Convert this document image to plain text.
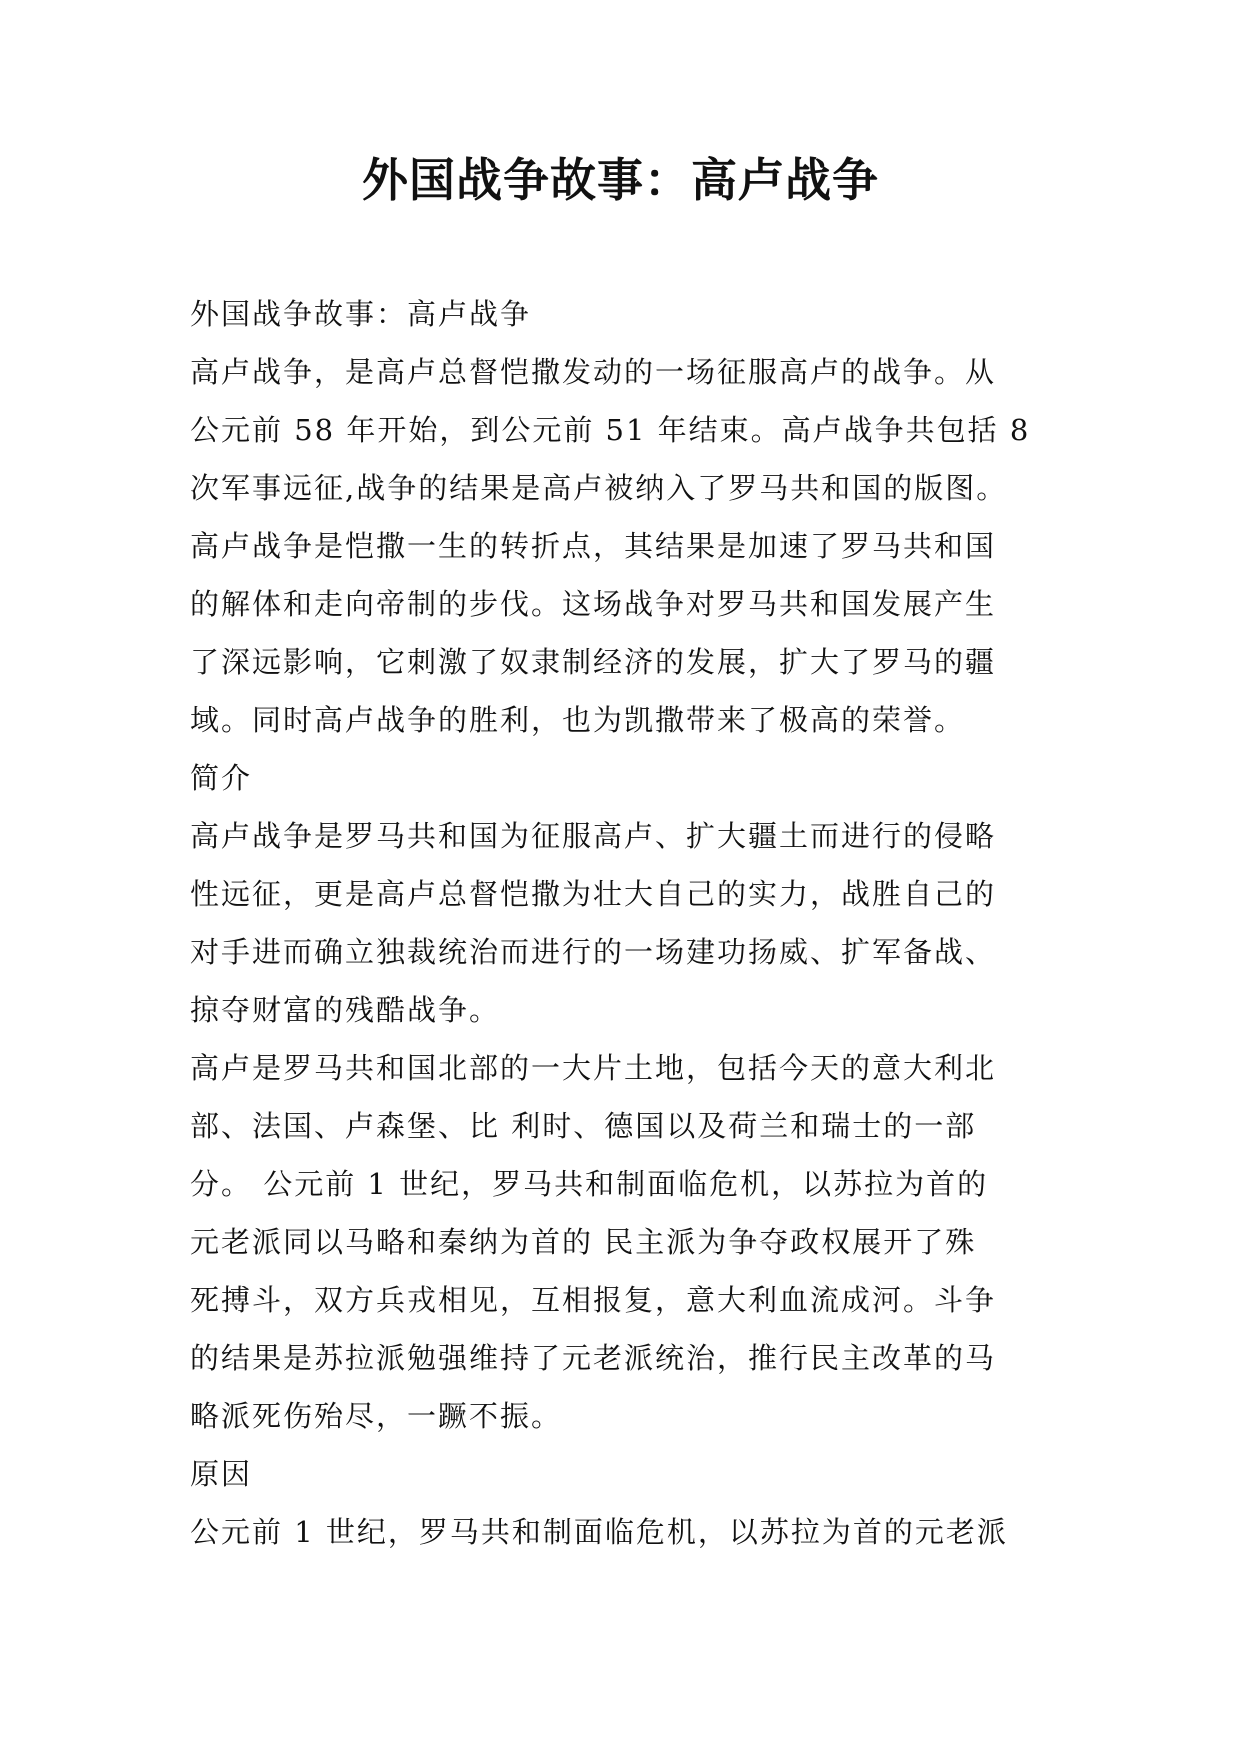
外国战争故事：高卢战争
外国战争故事：高卢战争
高卢战争，是高卢总督恺撒发动的一场征服高卢的战争。从
公元前 58 年开始，到公元前 51 年结束。高卢战争共包括 8
次军事远征,战争的结果是高卢被纳入了罗马共和国的版图。
高卢战争是恺撒一生的转折点，其结果是加速了罗马共和国
的解体和走向帝制的步伐。这场战争对罗马共和国发展产生
了深远影响，它刺激了奴隶制经济的发展，扩大了罗马的疆
域。同时高卢战争的胜利，也为凯撒带来了极高的荣誉。
简介
高卢战争是罗马共和国为征服高卢、扩大疆土而进行的侵略
性远征，更是高卢总督恺撒为壮大自己的实力，战胜自己的
对手进而确立独裁统治而进行的一场建功扬威、扩军备战、
掠夺财富的残酷战争。
高卢是罗马共和国北部的一大片土地，包括今天的意大利北
部、法国、卢森堡、比 利时、德国以及荷兰和瑞士的一部
分。 公元前 1 世纪，罗马共和制面临危机，以苏拉为首的
元老派同以马略和秦纳为首的 民主派为争夺政权展开了殊
死搏斗，双方兵戎相见，互相报复，意大利血流成河。斗争
的结果是苏拉派勉强维持了元老派统治，推行民主改革的马
略派死伤殆尽，一蹶不振。
原因
公元前 1 世纪，罗马共和制面临危机，以苏拉为首的元老派
